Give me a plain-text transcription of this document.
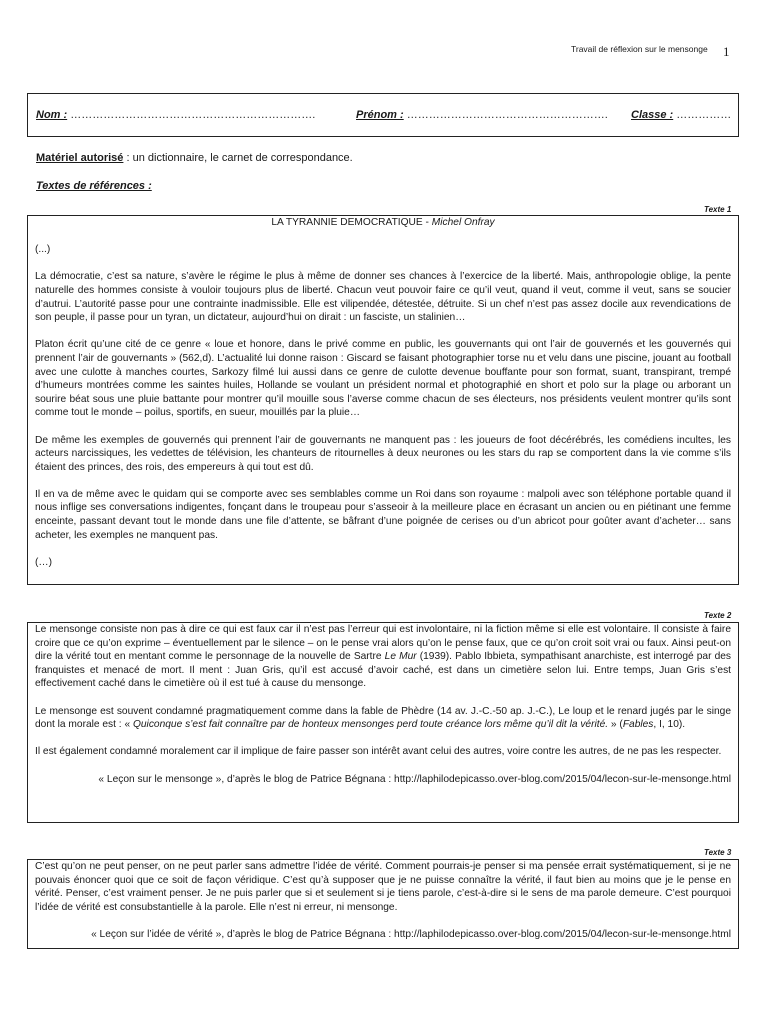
Travail de réflexion sur le mensonge 1
Nom : ………………………………………………………….	Prénom : ………………………………………………. Classe : ……………
Matériel autorisé : un dictionnaire, le carnet de correspondance.
Textes de références :
Texte 1
LA TYRANNIE DEMOCRATIQUE - Michel Onfray

(...)

La démocratie, c’est sa nature, s’avère le régime le plus à même de donner ses chances à l’exercice de la liberté. Mais, anthropologie oblige, la pente naturelle des hommes consiste à vouloir toujours plus de liberté. Chacun veut pouvoir faire ce qu’il veut, quand il veut, comme il veut, sans se soucier d’autrui. L’autorité passe pour une contrainte inadmissible. Elle est vilipendée, détestée, détruite. Si un chef n’est pas assez docile aux revendications de son peuple, il passe pour un tyran, un dictateur, aujourd’hui on dirait : un fasciste, un stalinien…

Platon écrit qu’une cité de ce genre « loue et honore, dans le privé comme en public, les gouvernants qui ont l’air de gouvernés et les gouvernés qui prennent l’air de gouvernants » (562,d). L’actualité lui donne raison : Giscard se faisant photographier torse nu et velu dans une piscine, jouant au football avec une culotte à manches courtes, Sarkozy filmé lui aussi dans ce genre de culotte devenue bouffante pour son format, suant, transpirant, trempé d’humeurs montrées comme les saintes huiles, Hollande se voulant un président normal et photographié en short et polo sur la plage ou arborant un sourire béat sous une pluie battante pour montrer qu’il mouille sous l’averse comme chacun de ses électeurs, nos présidents veulent montrer qu’ils sont comme tout le monde – poilus, sportifs, en sueur, mouillés par la pluie…

De même les exemples de gouvernés qui prennent l’air de gouvernants ne manquent pas : les joueurs de foot décérébrés, les comédiens incultes, les acteurs narcissiques, les vedettes de télévision, les chanteurs de ritournelles à deux neurones ou les stars du rap se comportent dans la vie comme s’ils étaient des princes, des rois, des empereurs à qui tout est dû.

Il en va de même avec le quidam qui se comporte avec ses semblables comme un Roi dans son royaume : malpoli avec son téléphone portable quand il nous inflige ses conversations indigentes, fonçant dans le troupeau pour s’asseoir à la meilleure place en écrasant un ancien ou en piétinant une femme enceinte, passant devant tout le monde dans une file d’attente, se bâfrant d’une poignée de cerises ou d’un abricot pour goûter avant d’acheter… sans acheter, les exemples ne manquent pas.

(…)

Texte 2

Le mensonge consiste non pas à dire ce qui est faux car il n’est pas l’erreur qui est involontaire, ni la fiction même si elle est volontaire. Il consiste à faire croire que ce qu’on exprime – éventuellement par le silence – on le pense vrai alors qu’on le pense faux, que ce qu’on croit soit vrai ou faux. Ainsi peut-on dire la vérité tout en mentant comme le personnage de la nouvelle de Sartre Le Mur (1939). Pablo Ibbieta, sympathisant anarchiste, est interrogé par des franquistes et menacé de mort. Il ment : Juan Gris, qu’il est accusé d’avoir caché, est dans un cimetière selon lui. Entre temps, Juan Gris s’est effectivement caché dans le cimetière où il est tué à cause du mensonge.

Le mensonge est souvent condamné pragmatiquement comme dans la fable de Phèdre (14 av. J.-C.-50 ap. J.-C.), Le loup et le renard jugés par le singe dont la morale est : « Quiconque s’est fait connaître par de honteux mensonges perd toute créance lors même qu’il dit la vérité. » (Fables, I, 10).

Il est également condamné moralement car il implique de faire passer son intérêt avant celui des autres, voire contre les autres, de ne pas les respecter.

« Leçon sur le mensonge », d’après le blog de Patrice Bégnana : http://laphilodepicasso.over-blog.com/2015/04/lecon-sur-le-mensonge.html

Texte 3

C’est qu’on ne peut penser, on ne peut parler sans admettre l’idée de vérité. Comment pourrais-je penser si ma pensée errait systématiquement, si je ne pouvais énoncer quoi que ce soit de façon véridique. C’est qu’à supposer que je ne puisse connaître la vérité, il faut bien au moins que je le pense en vérité. Penser, c’est vraiment penser. Je ne puis parler que si et seulement si je tiens parole, c’est-à-dire si le sens de ma parole demeure. C’est pourquoi l’idée de vérité est consubstantielle à la parole. Elle n’est ni erreur, ni mensonge.

« Leçon sur l’idée de vérité », d’après le blog de Patrice Bégnana : http://laphilodepicasso.over-blog.com/2015/04/lecon-sur-le-mensonge.html
